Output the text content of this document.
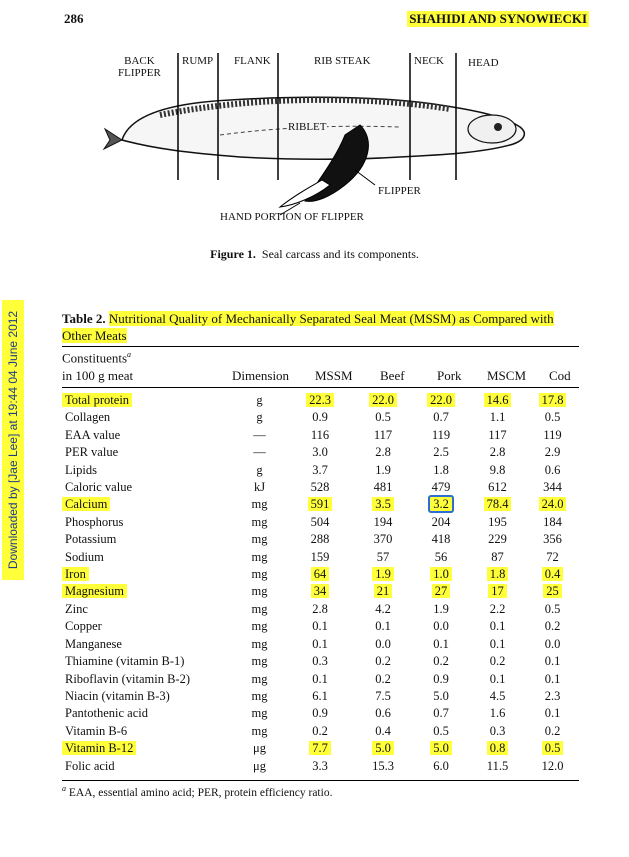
Downloaded by [Jae Lee] at 19:44 04 June 2012
286	SHAHIDI AND SYNOWIECKI
BACK
FLIPPER
RUMP FLANK	RIB STEAK	NECK HEAD
RIBLET
FLIPPER
HAND PORTION OF FLIPPER
Figure 1. Seal carcass and its components.
Table 2. Nutritional Quality of Mechanically Separated Seal Meat (MSSM) as Compared with Other Meats
Constituents$^a$
in 100 g meat	Dimension MSSM Beef Pork MSCM Cod
Total protein	g	22.3	22.0	22.0	14.6	17.8
Collagen	g	0.9	0.5	0.7	1.1	0.5
EAA value	—	116	117	119	117	119
PER value	—	3.0	2.8	2.5	2.8	2.9
Lipids	g	3.7	1.9	1.8	9.8	0.6
Caloric value	kJ	528	481	479	612	344
Calcium	mg	591	3.5	3.2	78.4	24.0
Phosphorus	mg	504	194	204	195	184
Potassium	mg	288	370	418	229	356
Sodium	mg	159	57	56	87	72
Iron	mg	64	1.9	1.0	1.8	0.4
Magnesium	mg	34	21	27	17	25
Zinc	mg	2.8	4.2	1.9	2.2	0.5
Copper	mg	0.1	0.1	0.0	0.1	0.2
Manganese	mg	0.1	0.0	0.1	0.1	0.0
Thiamine (vitamin B-1)	mg	0.3	0.2	0.2	0.2	0.1
Riboflavin (vitamin B-2)	mg	0.1	0.2	0.9	0.1	0.1
Niacin (vitamin B-3)	mg	6.1	7.5	5.0	4.5	2.3
Pantothenic acid	mg	0.9	0.6	0.7	1.6	0.1
Vitamin B-6	mg	0.2	0.4	0.5	0.3	0.2
Vitamin B-12	μg	7.7	5.0	5.0	0.8	0.5
Folic acid	μg	3.3	15.3	6.0	11.5	12.0
$^a$ EAA, essential amino acid; PER, protein efficiency ratio.
